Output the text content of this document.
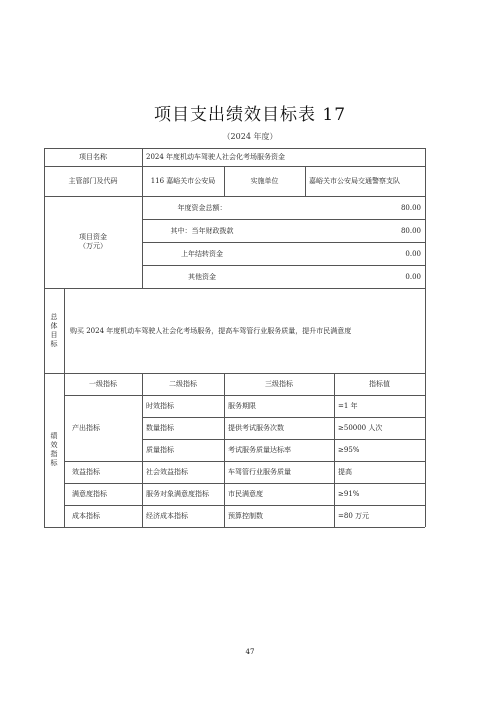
项目支出绩效目标表 17
（2024 年度）
项目名称	2024 年度机动车驾驶人社会化考场服务资金
主管部门及代码	116 嘉峪关市公安局	实施单位	嘉峪关市公安局交通警察支队
项目资金
（万元）
年度资金总额：	80.00
其中：当年财政拨款	80.00
上年结转资金	0.00
其他资金	0.00
总
体
目
标
购买 2024 年度机动车驾驶人社会化考场服务，提高车驾管行业服务质量，提升市民满意度
绩
效
指
标
一级指标	二级指标	三级指标	指标值
产出指标
时效指标	服务期限	=1 年
数量指标	提供考试服务次数	≥50000 人次
质量指标	考试服务质量达标率	≥95%
效益指标	社会效益指标	车驾管行业服务质量	提高
满意度指标	服务对象满意度指标	市民满意度	≥91%
成本指标	经济成本指标	预算控制数	=80 万元
47
